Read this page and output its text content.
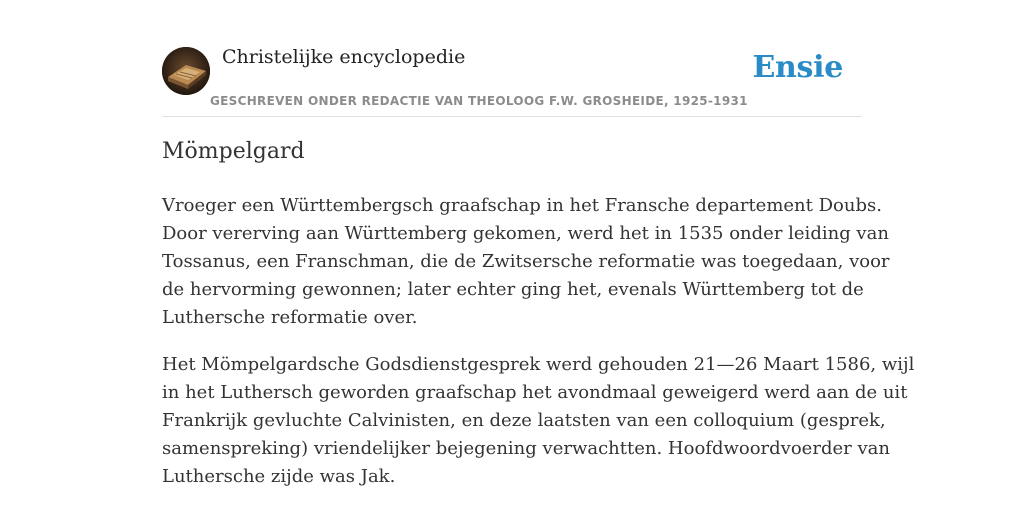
Christelijke encyclopedie
GESCHREVEN ONDER REDACTIE VAN THEOLOOG F.W. GROSHEIDE, 1925-1931
Ensie
Mömpelgard

Vroeger een Württembergsch graafschap in het Fransche departement Doubs.
Door vererving aan Württemberg gekomen, werd het in 1535 onder leiding van
Tossanus, een Franschman, die de Zwitsersche reformatie was toegedaan, voor
de hervorming gewonnen; later echter ging het, evenals Württemberg tot de
Luthersche reformatie over.

Het Mömpelgardsche Godsdienstgesprek werd gehouden 21—26 Maart 1586, wijl
in het Luthersch geworden graafschap het avondmaal geweigerd werd aan de uit
Frankrijk gevluchte Calvinisten, en deze laatsten van een colloquium (gesprek,
samenspreking) vriendelijker bejegening verwachtten. Hoofdwoordvoerder van
Luthersche zijde was Jak.
